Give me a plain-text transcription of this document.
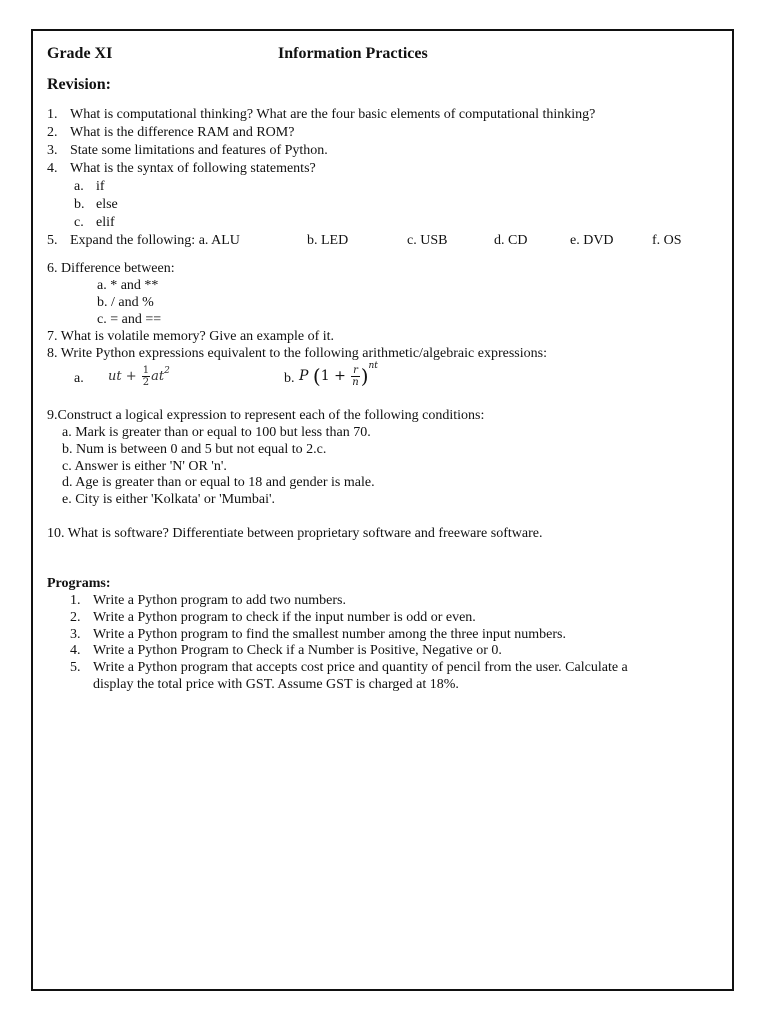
Grade XI	Information Practices
Revision:
1. What is computational thinking? What are the four basic elements of computational thinking?
2. What is the difference RAM and ROM?
3. State some limitations and features of Python.
4. What is the syntax of following statements?
a. if
b. else
c. elif
5. Expand the following: a. ALU	b. LED	c. USB	d. CD	e. DVD	f. OS
6. Difference between:
a. * and **
b. / and %
c. = and ==
7. What is volatile memory? Give an example of it.
8. Write Python expressions equivalent to the following arithmetic/algebraic expressions:
a. ut + $\frac{1}{2} at^2$	b. P $(1 + \frac{r}{n} )^{nt}$
9.Construct a logical expression to represent each of the following conditions:
a. Mark is greater than or equal to 100 but less than 70.
b. Num is between 0 and 5 but not equal to 2.c.
c. Answer is either 'N' OR 'n'.
d. Age is greater than or equal to 18 and gender is male.
e. City is either 'Kolkata' or 'Mumbai'.
10. What is software? Differentiate between proprietary software and freeware software.
Programs:
1. Write a Python program to add two numbers.
2. Write a Python program to check if the input number is odd or even.
3. Write a Python program to find the smallest number among the three input numbers.
4. Write a Python Program to Check if a Number is Positive, Negative or 0.
5. Write a Python program that accepts cost price and quantity of pencil from the user. Calculate a
display the total price with GST. Assume GST is charged at 18%.
